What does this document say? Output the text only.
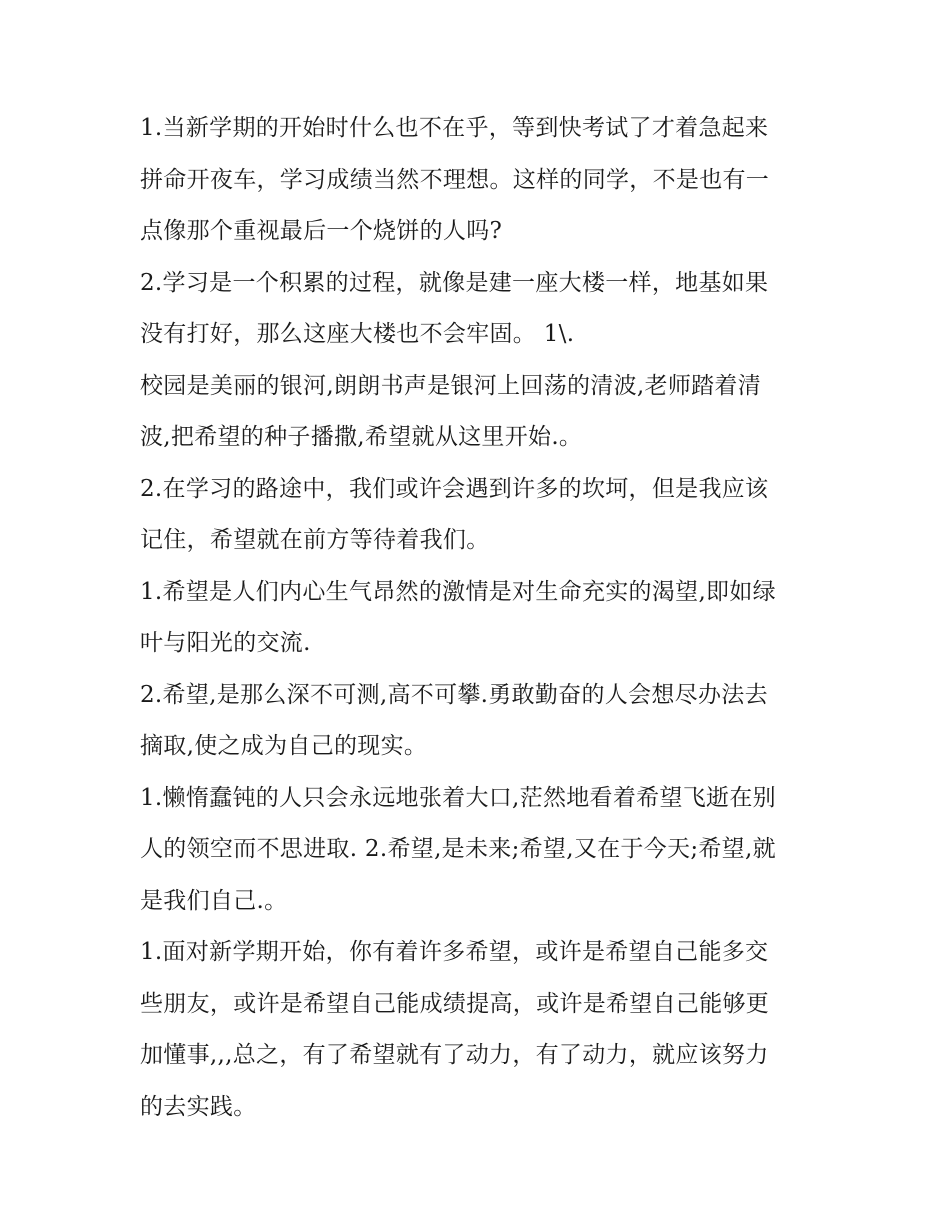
1.当新学期的开始时什么也不在乎，等到快考试了才着急起来
拼命开夜车，学习成绩当然不理想。这样的同学，不是也有一
点像那个重视最后一个烧饼的人吗?
2.学习是一个积累的过程，就像是建一座大楼一样，地基如果
没有打好，那么这座大楼也不会牢固。 1\.
校园是美丽的银河,朗朗书声是银河上回荡的清波,老师踏着清
波,把希望的种子播撒,希望就从这里开始.。
2.在学习的路途中，我们或许会遇到许多的坎坷，但是我应该
记住，希望就在前方等待着我们。
1.希望是人们内心生气昂然的激情是对生命充实的渴望,即如绿
叶与阳光的交流.
2.希望,是那么深不可测,高不可攀.勇敢勤奋的人会想尽办法去
摘取,使之成为自己的现实。
1.懒惰蠢钝的人只会永远地张着大口,茫然地看着希望飞逝在别
人的领空而不思进取. 2.希望,是未来;希望,又在于今天;希望,就
是我们自己.。
1.面对新学期开始，你有着许多希望，或许是希望自己能多交
些朋友，或许是希望自己能成绩提高，或许是希望自己能够更
加懂事,,,总之，有了希望就有了动力，有了动力，就应该努力
的去实践。
